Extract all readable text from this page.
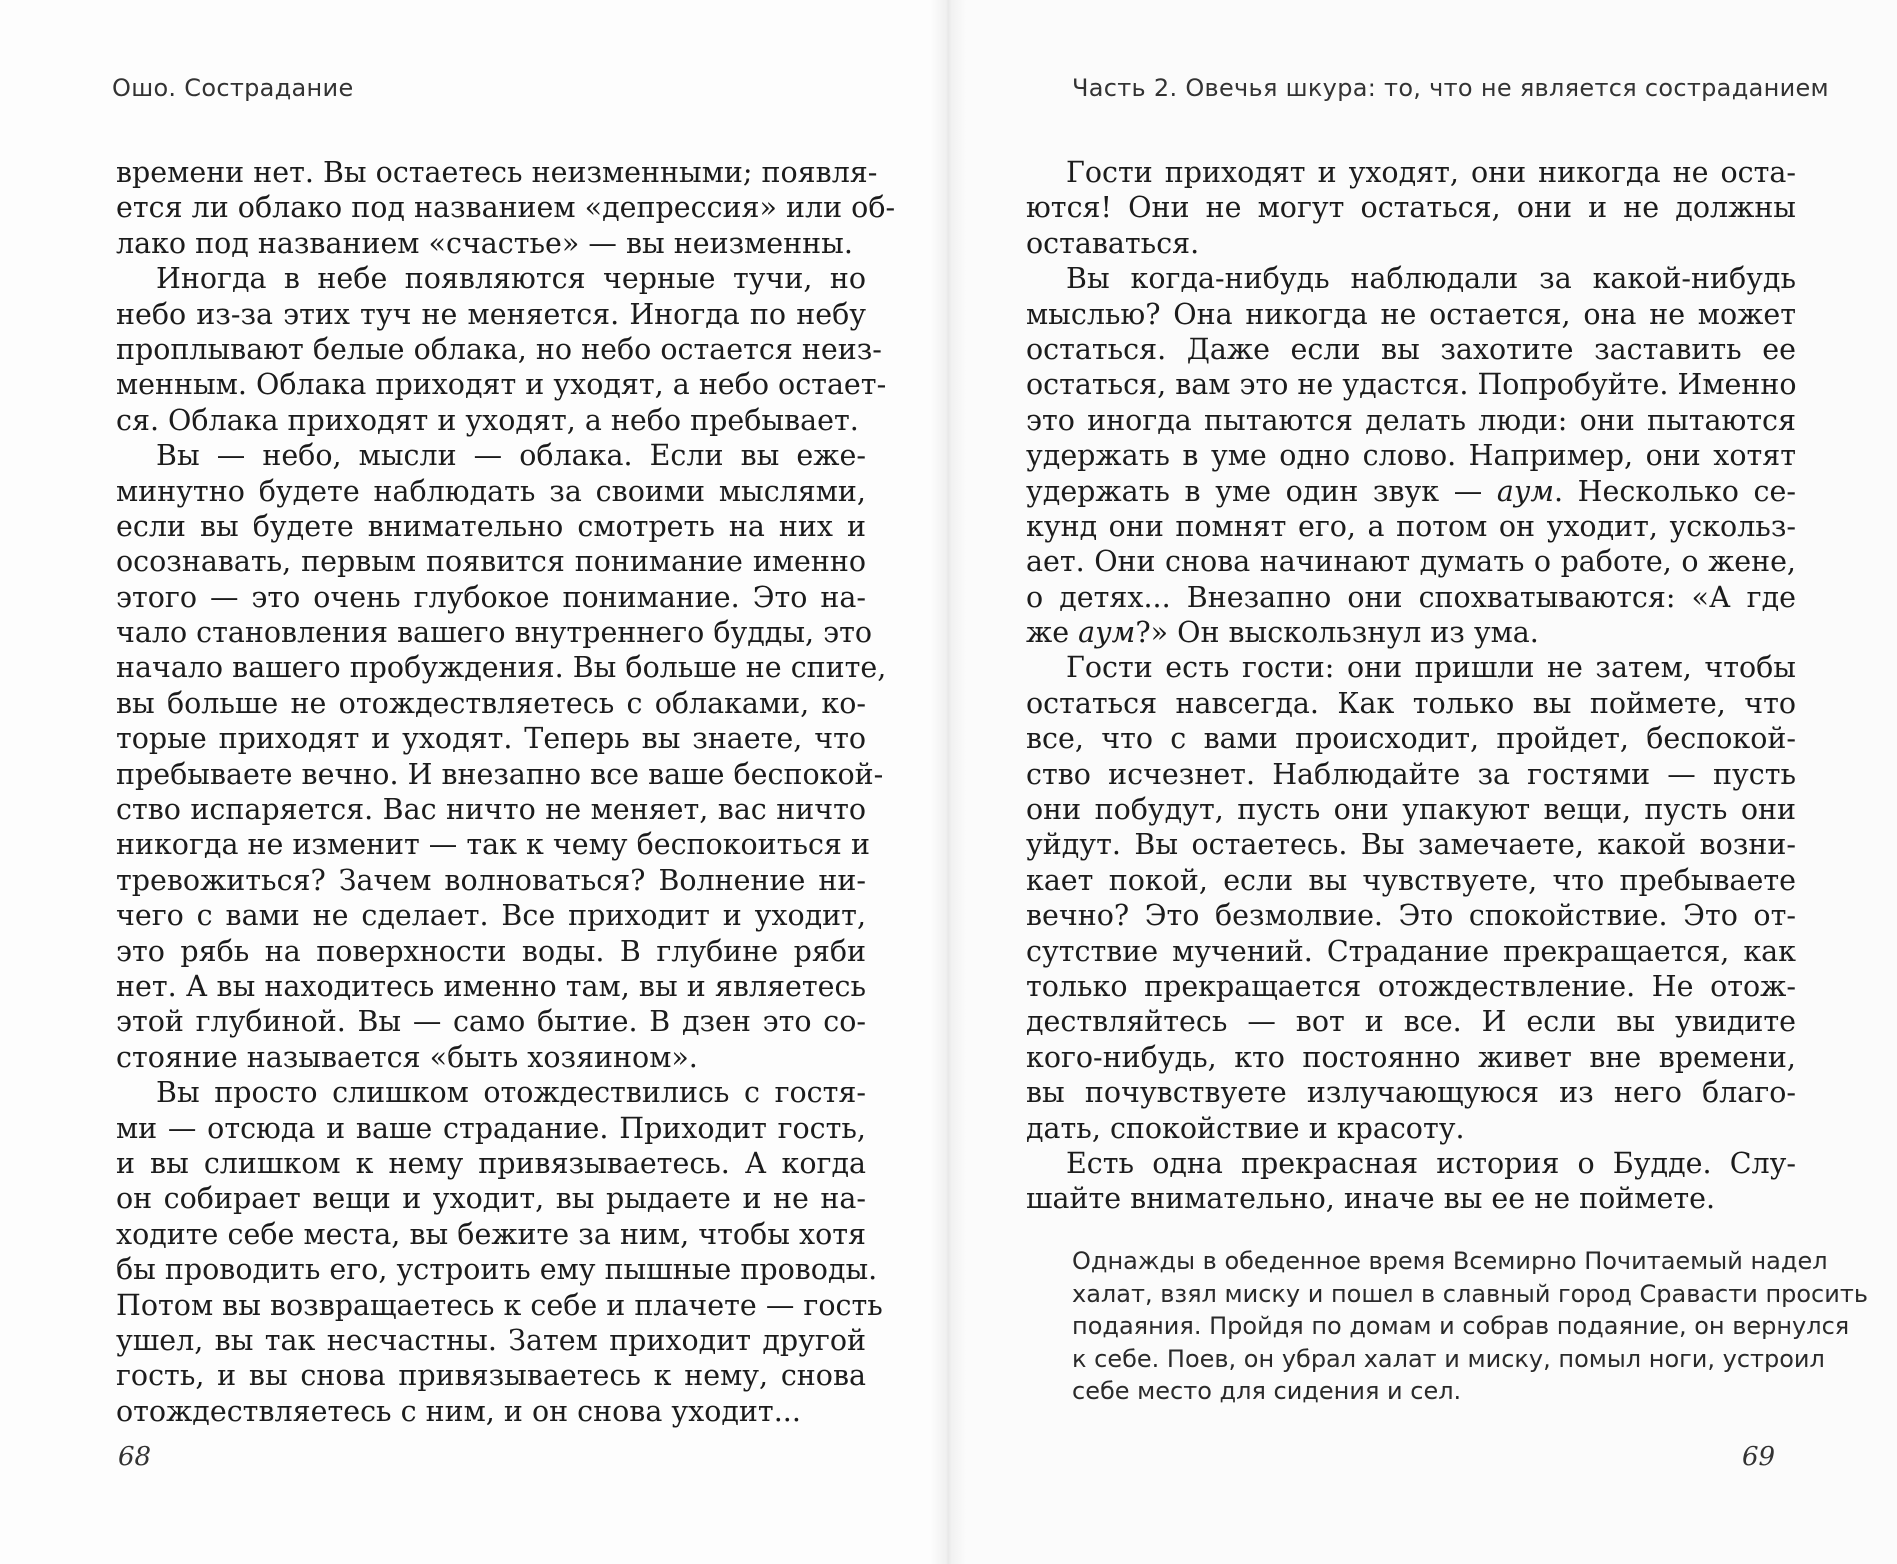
Ошо. Сострадание
времени нет. Вы остаетесь неизменными; появля-
ется ли облако под названием «депрессия» или об-
лако под названием «счастье» — вы неизменны.
Иногда в небе появляются черные тучи, но
небо из-за этих туч не меняется. Иногда по небу
проплывают белые облака, но небо остается неиз-
менным. Облака приходят и уходят, а небо остает-
ся. Облака приходят и уходят, а небо пребывает.
Вы — небо, мысли — облака. Если вы еже-
минутно будете наблюдать за своими мыслями,
если вы будете внимательно смотреть на них и
осознавать, первым появится понимание именно
этого — это очень глубокое понимание. Это на-
чало становления вашего внутреннего будды, это
начало вашего пробуждения. Вы больше не спите,
вы больше не отождествляетесь с облаками, ко-
торые приходят и уходят. Теперь вы знаете, что
пребываете вечно. И внезапно все ваше беспокой-
ство испаряется. Вас ничто не меняет, вас ничто
никогда не изменит — так к чему беспокоиться и
тревожиться? Зачем волноваться? Волнение ни-
чего с вами не сделает. Все приходит и уходит,
это рябь на поверхности воды. В глубине ряби
нет. А вы находитесь именно там, вы и являетесь
этой глубиной. Вы — само бытие. В дзен это со-
стояние называется «быть хозяином».
Вы просто слишком отождествились с гостя-
ми — отсюда и ваше страдание. Приходит гость,
и вы слишком к нему привязываетесь. А когда
он собирает вещи и уходит, вы рыдаете и не на-
ходите себе места, вы бежите за ним, чтобы хотя
бы проводить его, устроить ему пышные проводы.
Потом вы возвращаетесь к себе и плачете — гость
ушел, вы так несчастны. Затем приходит другой
гость, и вы снова привязываетесь к нему, снова
отождествляетесь с ним, и он снова уходит...
68
Часть 2. Овечья шкура: то, что не является состраданием
Гости приходят и уходят, они никогда не оста-
ются! Они не могут остаться, они и не должны
оставаться.
Вы когда-нибудь наблюдали за какой-нибудь
мыслью? Она никогда не остается, она не может
остаться. Даже если вы захотите заставить ее
остаться, вам это не удастся. Попробуйте. Именно
это иногда пытаются делать люди: они пытаются
удержать в уме одно слово. Например, они хотят
удержать в уме один звук — аум. Несколько се-
кунд они помнят его, а потом он уходит, ускольз-
ает. Они снова начинают думать о работе, о жене,
о детях... Внезапно они спохватываются: «А где
же аум?» Он выскользнул из ума.
Гости есть гости: они пришли не затем, чтобы
остаться навсегда. Как только вы поймете, что
все, что с вами происходит, пройдет, беспокой-
ство исчезнет. Наблюдайте за гостями — пусть
они побудут, пусть они упакуют вещи, пусть они
уйдут. Вы остаетесь. Вы замечаете, какой возни-
кает покой, если вы чувствуете, что пребываете
вечно? Это безмолвие. Это спокойствие. Это от-
сутствие мучений. Страдание прекращается, как
только прекращается отождествление. Не отож-
дествляйтесь — вот и все. И если вы увидите
кого-нибудь, кто постоянно живет вне времени,
вы почувствуете излучающуюся из него благо-
дать, спокойствие и красоту.
Есть одна прекрасная история о Будде. Слу-
шайте внимательно, иначе вы ее не поймете.
Однажды в обеденное время Всемирно Почитаемый надел
халат, взял миску и пошел в славный город Сравасти просить
подаяния. Пройдя по домам и собрав подаяние, он вернулся
к себе. Поев, он убрал халат и миску, помыл ноги, устроил
себе место для сидения и сел.
69
